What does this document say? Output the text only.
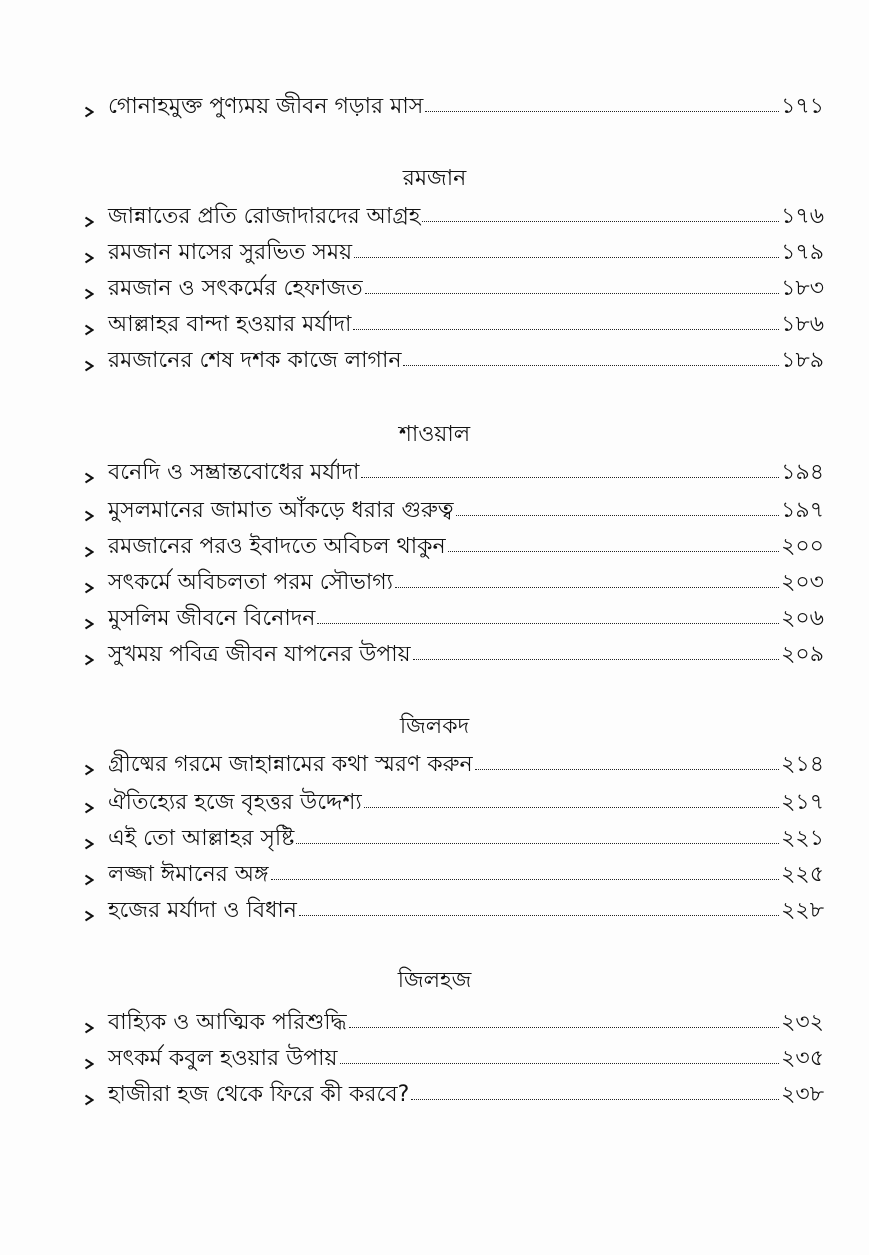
গোনাহমুক্ত পুণ্যময় জীবন গড়ার মাস	১৭১
রমজান
জান্নাতের প্রতি রোজাদারদের আগ্রহ	১৭৬
রমজান মাসের সুরভিত সময়	১৭৯
রমজান ও সৎকর্মের হেফাজত	১৮৩
আল্লাহর বান্দা হওয়ার মর্যাদা	১৮৬
রমজানের শেষ দশক কাজে লাগান	১৮৯
শাওয়াল
বনেদি ও সম্ভ্রান্তবোধের মর্যাদা	১৯৪
মুসলমানের জামাত আঁকড়ে ধরার গুরুত্ব	১৯৭
রমজানের পরও ইবাদতে অবিচল থাকুন	২০০
সৎকর্মে অবিচলতা পরম সৌভাগ্য	২০৩
মুসলিম জীবনে বিনোদন	২০৬
সুখময় পবিত্র জীবন যাপনের উপায়	২০৯
জিলকদ
গ্রীষ্মের গরমে জাহান্নামের কথা স্মরণ করুন	২১৪
ঐতিহ্যের হজে বৃহত্তর উদ্দেশ্য	২১৭
এই তো আল্লাহর সৃষ্টি	২২১
লজ্জা ঈমানের অঙ্গ	২২৫
হজের মর্যাদা ও বিধান	২২৮
জিলহজ
বাহ্যিক ও আত্মিক পরিশুদ্ধি	২৩২
সৎকর্ম কবুল হওয়ার উপায়	২৩৫
হাজীরা হজ থেকে ফিরে কী করবে?	২৩৮
